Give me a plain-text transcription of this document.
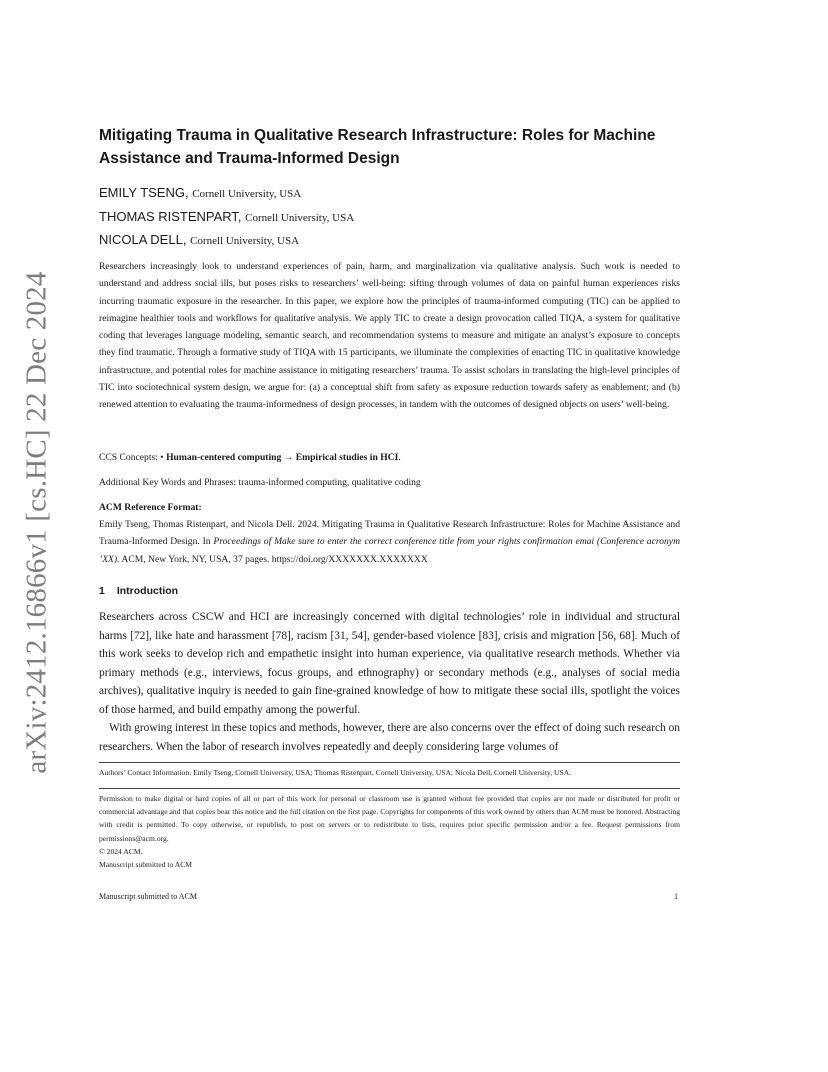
arXiv:2412.16866v1 [cs.HC] 22 Dec 2024
Mitigating Trauma in Qualitative Research Infrastructure: Roles for Machine Assistance and Trauma-Informed Design
EMILY TSENG, Cornell University, USA
THOMAS RISTENPART, Cornell University, USA
NICOLA DELL, Cornell University, USA

Researchers increasingly look to understand experiences of pain, harm, and marginalization via qualitative analysis. Such work is needed to understand and address social ills, but poses risks to researchers’ well-being: sifting through volumes of data on painful human experiences risks incurring traumatic exposure in the researcher. In this paper, we explore how the principles of trauma-informed computing (TIC) can be applied to reimagine healthier tools and workflows for qualitative analysis. We apply TIC to create a design provocation called TIQA, a system for qualitative coding that leverages language modeling, semantic search, and recommendation systems to measure and mitigate an analyst’s exposure to concepts they find traumatic. Through a formative study of TIQA with 15 participants, we illuminate the complexities of enacting TIC in qualitative knowledge infrastructure, and potential roles for machine assistance in mitigating researchers’ trauma. To assist scholars in translating the high-level principles of TIC into sociotechnical system design, we argue for: (a) a conceptual shift from safety as exposure reduction towards safety as enablement; and (b) renewed attention to evaluating the trauma-informedness of design processes, in tandem with the outcomes of designed objects on users’ well-being.

CCS Concepts: • Human-centered computing → Empirical studies in HCI.

Additional Key Words and Phrases: trauma-informed computing, qualitative coding

ACM Reference Format:
Emily Tseng, Thomas Ristenpart, and Nicola Dell. 2024. Mitigating Trauma in Qualitative Research Infrastructure: Roles for Machine Assistance and Trauma-Informed Design. In Proceedings of Make sure to enter the correct conference title from your rights confirmation emai (Conference acronym ’XX). ACM, New York, NY, USA, 37 pages. https://doi.org/XXXXXXX.XXXXXXX
1 Introduction

Researchers across CSCW and HCI are increasingly concerned with digital technologies’ role in individual and structural harms [72], like hate and harassment [78], racism [31, 54], gender-based violence [83], crisis and migration [56, 68]. Much of this work seeks to develop rich and empathetic insight into human experience, via qualitative research methods. Whether via primary methods (e.g., interviews, focus groups, and ethnography) or secondary methods (e.g., analyses of social media archives), qualitative inquiry is needed to gain fine-grained knowledge of how to mitigate these social ills, spotlight the voices of those harmed, and build empathy among the powerful.

With growing interest in these topics and methods, however, there are also concerns over the effect of doing such research on researchers. When the labor of research involves repeatedly and deeply considering large volumes of

Authors’ Contact Information: Emily Tseng, Cornell University, USA; Thomas Ristenpart, Cornell University, USA; Nicola Dell, Cornell University, USA.
Permission to make digital or hard copies of all or part of this work for personal or classroom use is granted without fee provided that copies are not made or distributed for profit or commercial advantage and that copies bear this notice and the full citation on the first page. Copyrights for components of this work owned by others than ACM must be honored. Abstracting with credit is permitted. To copy otherwise, or republish, to post on servers or to redistribute to lists, requires prior specific permission and/or a fee. Request permissions from permissions@acm.org.
© 2024 ACM.
Manuscript submitted to ACM
Manuscript submitted to ACM	1
